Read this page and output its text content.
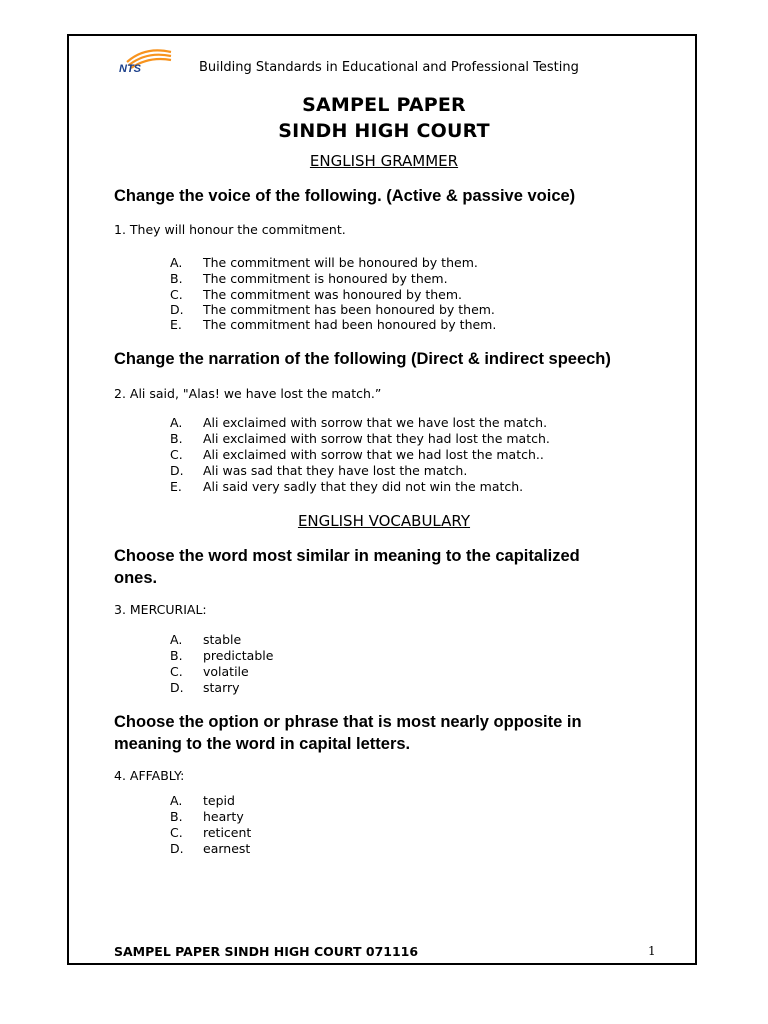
NTS	Building Standards in Educational and Professional Testing
SAMPEL PAPER
SINDH HIGH COURT
ENGLISH GRAMMER
Change the voice of the following. (Active & passive voice)
1. They will honour the commitment.
A. The commitment will be honoured by them.
B. The commitment is honoured by them.
C. The commitment was honoured by them.
D. The commitment has been honoured by them.
E. The commitment had been honoured by them.
Change the narration of the following (Direct & indirect speech)
2. Ali said, "Alas! we have lost the match.”
A. Ali exclaimed with sorrow that we have lost the match.
B. Ali exclaimed with sorrow that they had lost the match.
C. Ali exclaimed with sorrow that we had lost the match..
D. Ali was sad that they have lost the match.
E. Ali said very sadly that they did not win the match.
ENGLISH VOCABULARY
Choose the word most similar in meaning to the capitalized
ones.
3. MERCURIAL:
A. stable
B. predictable
C. volatile
D. starry
Choose the option or phrase that is most nearly opposite in
meaning to the word in capital letters.
4. AFFABLY:
A. tepid
B. hearty
C. reticent
D. earnest
SAMPEL PAPER SINDH HIGH COURT 071116	1
